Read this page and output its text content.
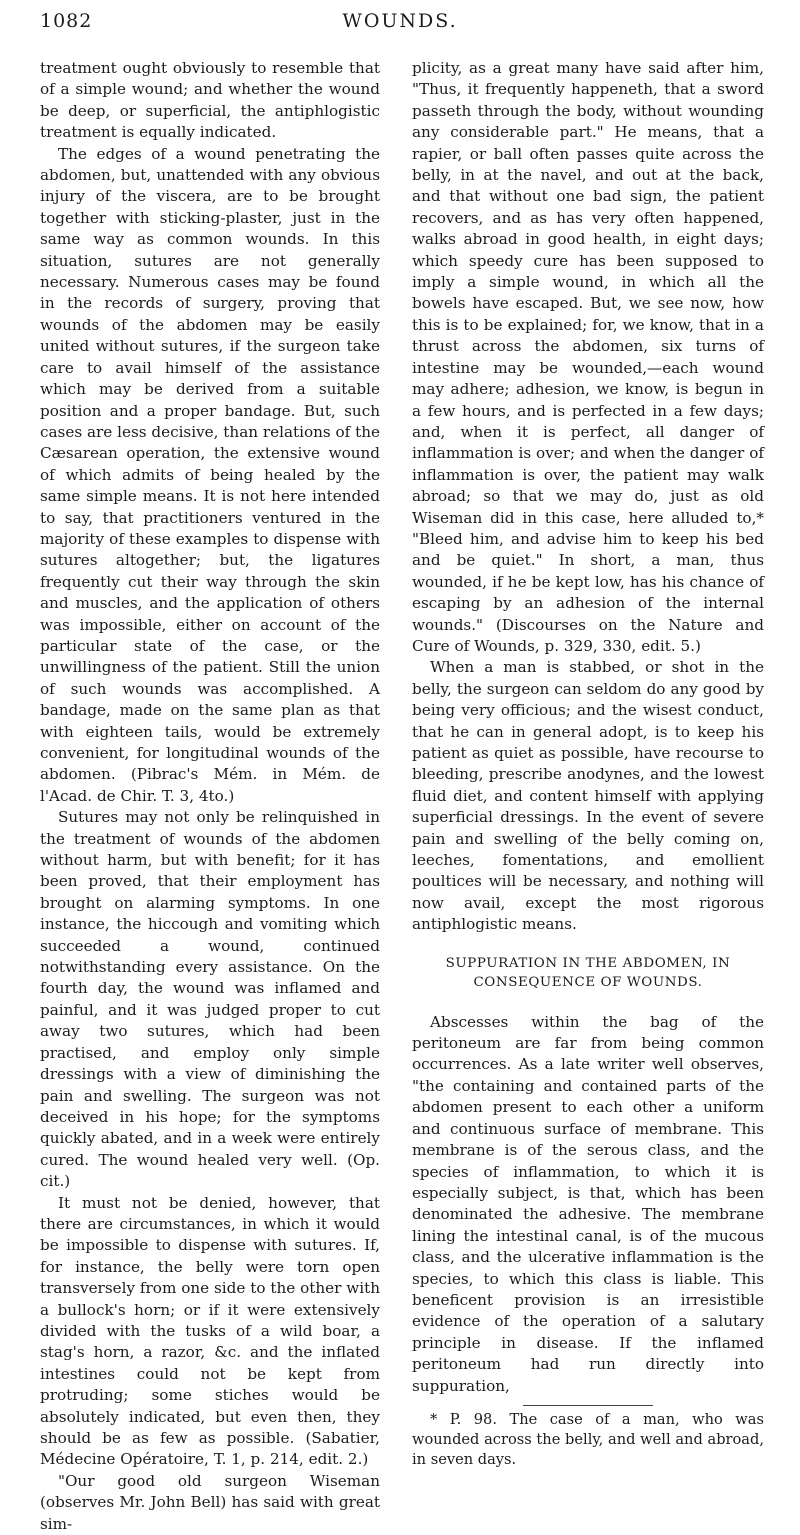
1082	WOUNDS.

treatment ought obviously to resemble that of a simple wound; and whether the wound be deep, or superficial, the antiphlogistic treatment is equally indicated.

The edges of a wound penetrating the abdomen, but, unattended with any obvious injury of the viscera, are to be brought together with sticking-plaster, just in the same way as common wounds. In this situation, sutures are not generally necessary. Numerous cases may be found in the records of surgery, proving that wounds of the abdomen may be easily united without sutures, if the surgeon take care to avail himself of the assistance which may be derived from a suitable position and a proper bandage. But, such cases are less decisive, than relations of the Cæsarean operation, the extensive wound of which admits of being healed by the same simple means. It is not here intended to say, that practitioners ventured in the majority of these examples to dispense with sutures altogether; but, the ligatures frequently cut their way through the skin and muscles, and the application of others was impossible, either on account of the particular state of the case, or the unwillingness of the patient. Still the union of such wounds was accomplished. A bandage, made on the same plan as that with eighteen tails, would be extremely convenient, for longitudinal wounds of the abdomen. (Pibrac's Mém. in Mém. de l'Acad. de Chir. T. 3, 4to.)

Sutures may not only be relinquished in the treatment of wounds of the abdomen without harm, but with benefit; for it has been proved, that their employment has brought on alarming symptoms. In one instance, the hiccough and vomiting which succeeded a wound, continued notwithstanding every assistance. On the fourth day, the wound was inflamed and painful, and it was judged proper to cut away two sutures, which had been practised, and employ only simple dressings with a view of diminishing the pain and swelling. The surgeon was not deceived in his hope; for the symptoms quickly abated, and in a week were entirely cured. The wound healed very well. (Op. cit.)

It must not be denied, however, that there are circumstances, in which it would be impossible to dispense with sutures. If, for instance, the belly were torn open transversely from one side to the other with a bullock's horn; or if it were extensively divided with the tusks of a wild boar, a stag's horn, a razor, &c. and the inflated intestines could not be kept from protruding; some stiches would be absolutely indicated, but even then, they should be as few as possible. (Sabatier, Médecine Opératoire, T. 1, p. 214, edit. 2.)

"Our good old surgeon Wiseman (observes Mr. John Bell) has said with great sim-

plicity, as a great many have said after him, "Thus, it frequently happeneth, that a sword passeth through the body, without wounding any considerable part." He means, that a rapier, or ball often passes quite across the belly, in at the navel, and out at the back, and that without one bad sign, the patient recovers, and as has very often happened, walks abroad in good health, in eight days; which speedy cure has been supposed to imply a simple wound, in which all the bowels have escaped. But, we see now, how this is to be explained; for, we know, that in a thrust across the abdomen, six turns of intestine may be wounded,—each wound may adhere; adhesion, we know, is begun in a few hours, and is perfected in a few days; and, when it is perfect, all danger of inflammation is over; and when the danger of inflammation is over, the patient may walk abroad; so that we may do, just as old Wiseman did in this case, here alluded to,* "Bleed him, and advise him to keep his bed and be quiet." In short, a man, thus wounded, if he be kept low, has his chance of escaping by an adhesion of the internal wounds." (Discourses on the Nature and Cure of Wounds, p. 329, 330, edit. 5.)

When a man is stabbed, or shot in the belly, the surgeon can seldom do any good by being very officious; and the wisest conduct, that he can in general adopt, is to keep his patient as quiet as possible, have recourse to bleeding, prescribe anodynes, and the lowest fluid diet, and content himself with applying superficial dressings. In the event of severe pain and swelling of the belly coming on, leeches, fomentations, and emollient poultices will be necessary, and nothing will now avail, except the most rigorous antiphlogistic means.

SUPPURATION IN THE ABDOMEN, IN
CONSEQUENCE OF WOUNDS.

Abscesses within the bag of the peritoneum are far from being common occurrences. As a late writer well observes, "the containing and contained parts of the abdomen present to each other a uniform and continuous surface of membrane. This membrane is of the serous class, and the species of inflammation, to which it is especially subject, is that, which has been denominated the adhesive. The membrane lining the intestinal canal, is of the mucous class, and the ulcerative inflammation is the species, to which this class is liable. This beneficent provision is an irresistible evidence of the operation of a salutary principle in disease. If the inflamed peritoneum had run directly into suppuration,

* P. 98. The case of a man, who was wounded across the belly, and well and abroad, in seven days.
